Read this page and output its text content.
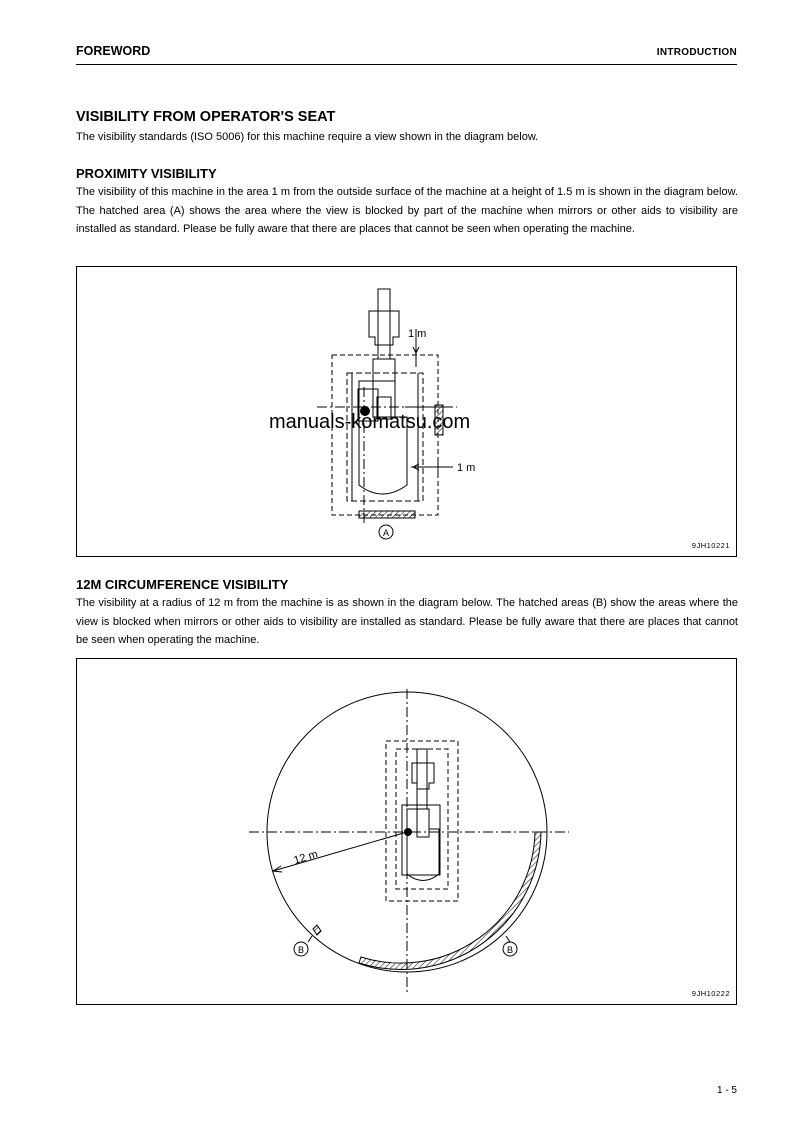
FOREWORD	INTRODUCTION
VISIBILITY FROM OPERATOR'S SEAT

The visibility standards (ISO 5006) for this machine require a view shown in the diagram below.

PROXIMITY VISIBILITY

The visibility of this machine in the area 1 m from the outside surface of the machine at a height of 1.5 m is shown in the diagram below. The hatched area (A) shows the area where the view is blocked by part of the machine when mirrors or other aids to visibility are installed as standard. Please be fully aware that there are places that cannot be seen when operating the machine.

1 m
1 m
A
9JH10221
manuals-komatsu.com
12M CIRCUMFERENCE VISIBILITY

The visibility at a radius of 12 m from the machine is as shown in the diagram below. The hatched areas (B) show the areas where the view is blocked when mirrors or other aids to visibility are installed as standard. Please be fully aware that there are places that cannot be seen when operating the machine.

12 m
B	B
9JH10222
1 - 5
